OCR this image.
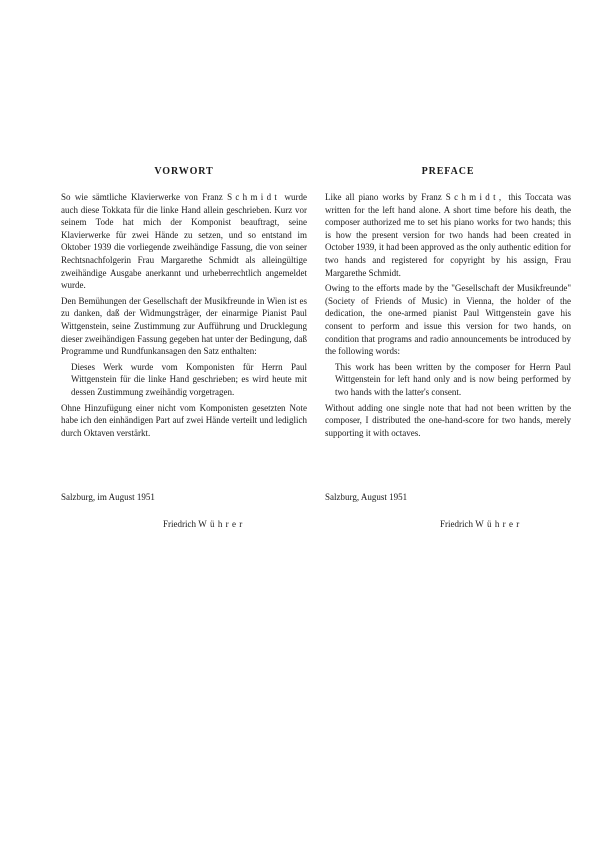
VORWORT

So wie sämtliche Klavierwerke von Franz Schmidt wurde auch diese Tokkata für die linke Hand allein geschrieben. Kurz vor seinem Tode hat mich der Komponist beauftragt, seine Klavierwerke für zwei Hände zu setzen, und so entstand im Oktober 1939 die vorliegende zweihändige Fassung, die von seiner Rechtsnachfolgerin Frau Margarethe Schmidt als alleingültige zweihändige Ausgabe anerkannt und urheberrechtlich angemeldet wurde.

Den Bemühungen der Gesellschaft der Musikfreunde in Wien ist es zu danken, daß der Widmungsträger, der einarmige Pianist Paul Wittgenstein, seine Zustimmung zur Aufführung und Drucklegung dieser zweihändigen Fassung gegeben hat unter der Bedingung, daß Programme und Rundfunkansagen den Satz enthalten:

Dieses Werk wurde vom Komponisten für Herrn Paul Wittgenstein für die linke Hand geschrieben; es wird heute mit dessen Zustimmung zweihändig vorgetragen.

Ohne Hinzufügung einer nicht vom Komponisten gesetzten Note habe ich den einhändigen Part auf zwei Hände verteilt und lediglich durch Oktaven verstärkt.

PREFACE

Like all piano works by Franz Schmidt, this Toccata was written for the left hand alone. A short time before his death, the composer authorized me to set his piano works for two hands; this is how the present version for two hands had been created in October 1939, it had been approved as the only authentic edition for two hands and registered for copyright by his assign, Frau Margarethe Schmidt.

Owing to the efforts made by the "Gesellschaft der Musikfreunde" (Society of Friends of Music) in Vienna, the holder of the dedication, the one-armed pianist Paul Wittgenstein gave his consent to perform and issue this version for two hands, on condition that programs and radio announcements be introduced by the following words:

This work has been written by the composer for Herrn Paul Wittgenstein for left hand only and is now being performed by two hands with the latter's consent.

Without adding one single note that had not been written by the composer, I distributed the one-hand-score for two hands, merely supporting it with octaves.

Salzburg, im August 1951	Salzburg, August 1951
Friedrich Wührer	Friedrich Wührer
